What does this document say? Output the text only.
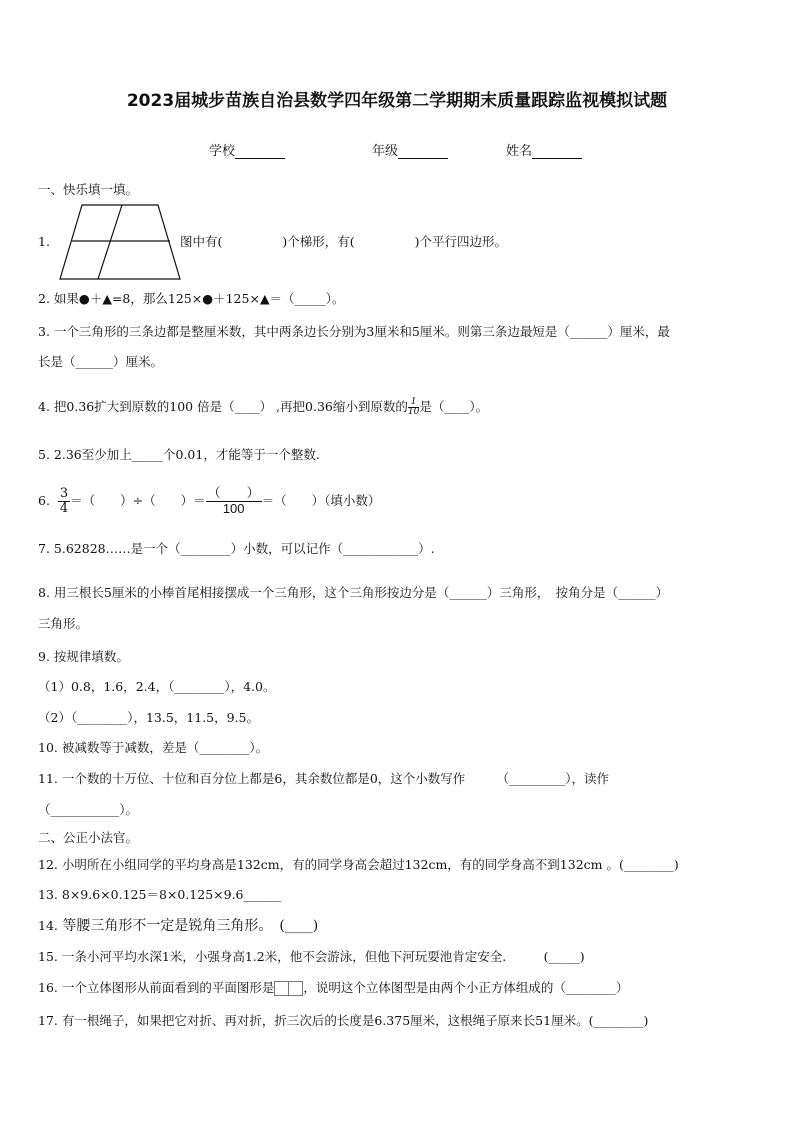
2023届城步苗族自治县数学四年级第二学期期末质量跟踪监视模拟试题
学校	年级	姓名
一、快乐填一填。
1.	图中有(	)个梯形，有(	)个平行四边形。
2. 如果●＋▲=8，那么125×●＋125×▲＝（_____）。
3. 一个三角形的三条边都是整厘米数，其中两条边长分别为3厘米和5厘米。则第三条边最短是（______）厘米，最
长是（______）厘米。
4. 把0.36扩大到原数的100 倍是（____） ,再把0.36缩小到原数的 $\frac{1}{10}$ 是（____）。
5. 2.36至少加上_____个0.01，才能等于一个整数.
6. $\frac{3}{4}$ ＝（　　）÷（　　）＝ $\frac{( )}{100}$ ＝（　　）（填小数）
7. 5.62828……是一个（________）小数，可以记作（____________）.
8. 用三根长5厘米的小棒首尾相接摆成一个三角形，这个三角形按边分是（______）三角形，　按角分是（______）
三角形。
9. 按规律填数。
（1）0.8，1.6，2.4，（________），4.0。
（2）（________），13.5，11.5，9.5。
10. 被减数等于减数，差是（________）。
11. 一个数的十万位、十位和百分位上都是6，其余数位都是0，这个小数写作　　　（_________），读作
（___________）。
二、公正小法官。
12. 小明所在小组同学的平均身高是132cm，有的同学身高会超过132cm，有的同学身高不到132cm 。(________)
13. 8×9.6×0.125＝8×0.125×9.6______
14. 等腰三角形不一定是锐角三角形。　(____)
15. 一条小河平均水深1米，小强身高1.2米，他不会游泳，但他下河玩耍池肯定安全.　　　(_____)
16. 一个立体图形从前面看到的平面图形是 ，说明这个立体图型是由两个小正方体组成的（________）
17. 有一根绳子，如果把它对折、再对折，折三次后的长度是6.375厘米，这根绳子原来长51厘米。(________)
